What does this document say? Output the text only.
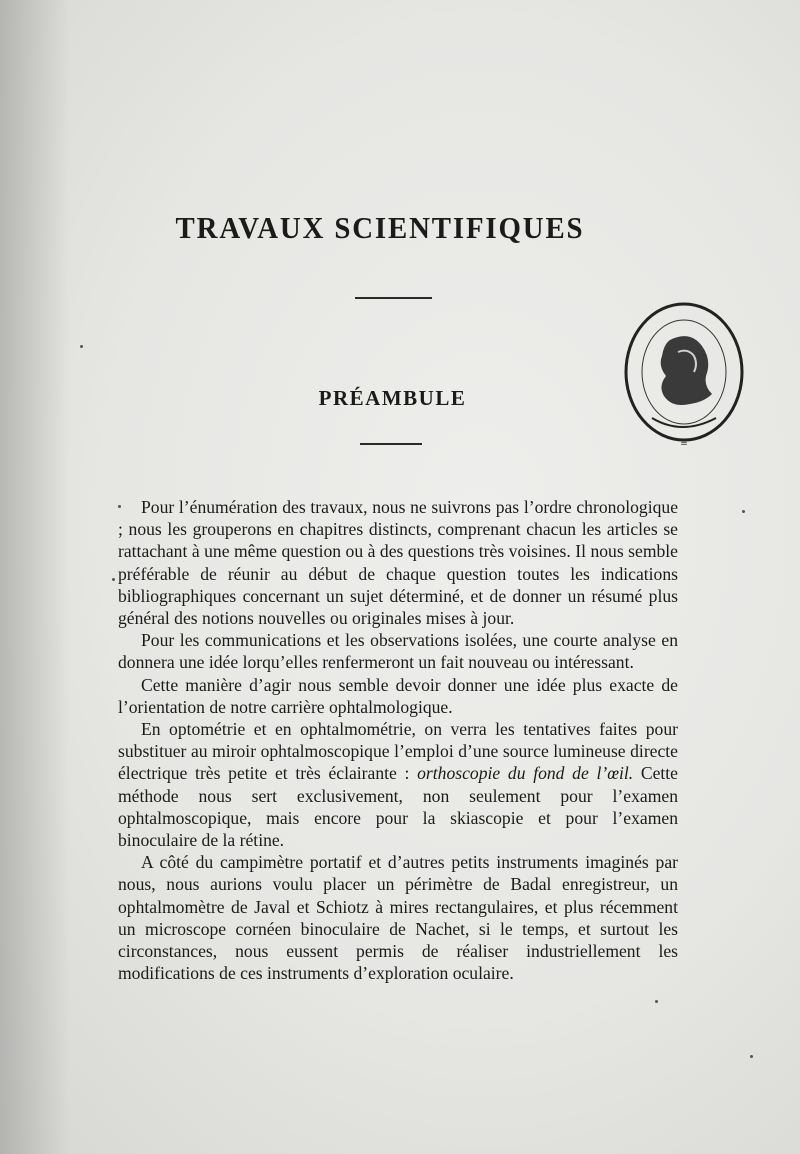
TRAVAUX SCIENTIFIQUES
PRÉAMBULE
=

Pour l’énumération des travaux, nous ne suivrons pas l’ordre chronologique ; nous les grouperons en chapitres distincts, comprenant chacun les articles se rattachant à une même question ou à des questions très voisines. Il nous semble préférable de réunir au début de chaque question toutes les indications bibliographiques concernant un sujet déterminé, et de donner un résumé plus général des notions nouvelles ou originales mises à jour.

Pour les communications et les observations isolées, une courte analyse en donnera une idée lorqu’elles renfermeront un fait nouveau ou intéressant.

Cette manière d’agir nous semble devoir donner une idée plus exacte de l’orientation de notre carrière ophtalmologique.

En optométrie et en ophtalmométrie, on verra les tentatives faites pour substituer au miroir ophtalmoscopique l’emploi d’une source lumineuse directe électrique très petite et très éclairante : orthoscopie du fond de l’œil. Cette méthode nous sert exclusivement, non seulement pour l’examen ophtalmoscopique, mais encore pour la skiascopie et pour l’examen binoculaire de la rétine.

A côté du campimètre portatif et d’autres petits instruments imaginés par nous, nous aurions voulu placer un périmètre de Badal enregistreur, un ophtalmomètre de Javal et Schiotz à mires rectangulaires, et plus récemment un microscope cornéen binoculaire de Nachet, si le temps, et surtout les circonstances, nous eussent permis de réaliser industriellement les modifications de ces instruments d’exploration oculaire.
